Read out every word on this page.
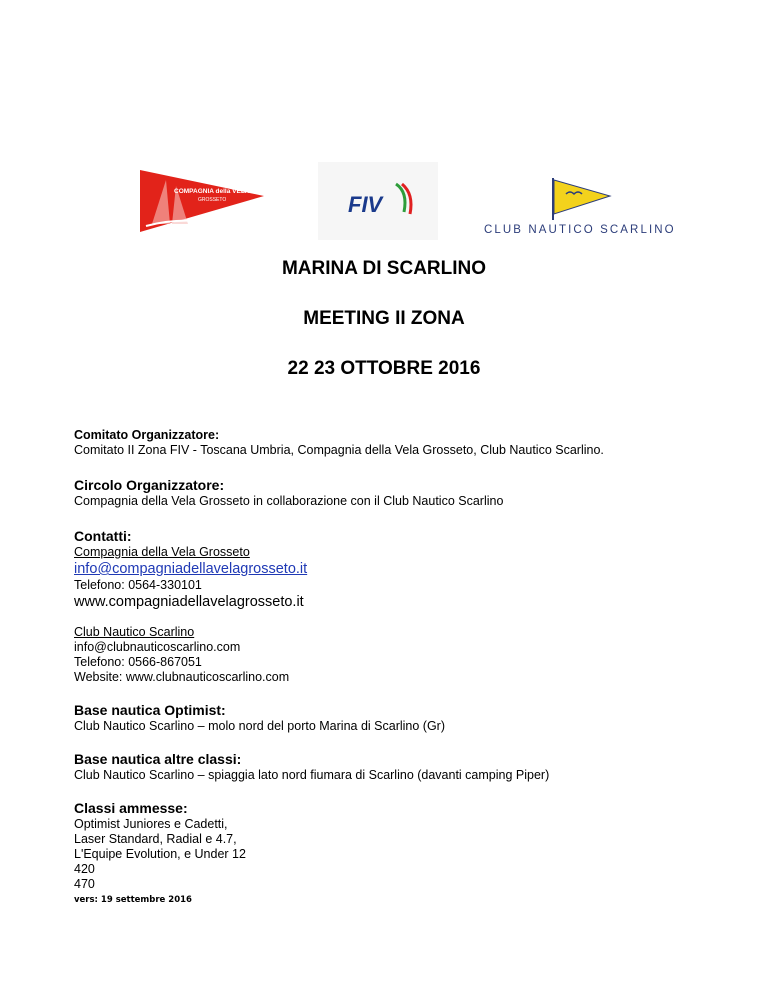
COMPAGNIA della VELA
GROSSETO	FIV
CLUB NAUTICO SCARLINO
MARINA DI SCARLINO
MEETING II ZONA
22 23 OTTOBRE 2016
Comitato Organizzatore:
Comitato II Zona FIV - Toscana Umbria, Compagnia della Vela Grosseto, Club Nautico Scarlino.
Circolo Organizzatore:
Compagnia della Vela Grosseto in collaborazione con il Club Nautico Scarlino
Contatti:
Compagnia della Vela Grosseto
info@compagniadellavelagrosseto.it
Telefono: 0564-330101
www.compagniadellavelagrosseto.it
Club Nautico Scarlino
info@clubnauticoscarlino.com
Telefono: 0566-867051
Website: www.clubnauticoscarlino.com
Base nautica Optimist:
Club Nautico Scarlino – molo nord del porto Marina di Scarlino (Gr)
Base nautica altre classi:
Club Nautico Scarlino – spiaggia lato nord fiumara di Scarlino (davanti camping Piper)
Classi ammesse:
Optimist Juniores e Cadetti,
Laser Standard, Radial e 4.7,
L'Equipe Evolution, e Under 12
420
470
vers: 19 settembre 2016
